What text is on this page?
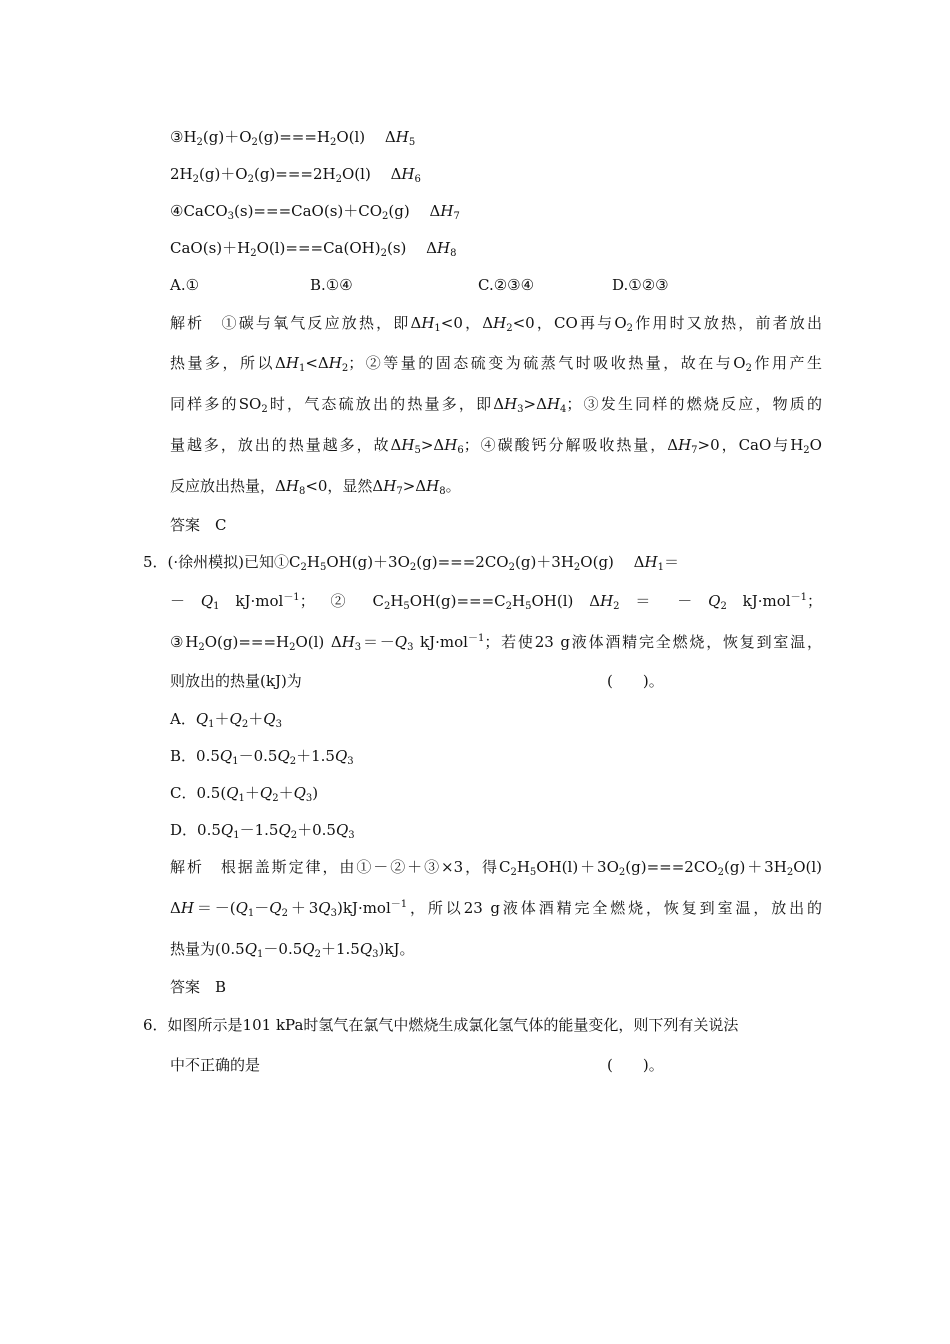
$③H_2(g)+O_2(g)===H_2O(l)$　 $\Delta H_5$
$2H_2(g)+O_2(g)===2H_2O(l)$　 $\Delta H_6$
$④CaCO_3(s)===CaO(s)+CO_2(g)$　 $\Delta H_7$
$CaO(s)+H_2O(l)===Ca(OH)_2(s)$　 $\Delta H_8$
A.①	B.①④	C.②③④	D.①②③
解析　①碳与氧气反应放热，即$\Delta H_1<0$，$\Delta H_2<0$，CO再与$O_2$作用时又放热，前者放出
热量多，所以$\Delta H_1<\Delta H_2$；②等量的固态硫变为硫蒸气时吸收热量，故在与$O_2$作用产生
同样多的$SO_2$时，气态硫放出的热量多，即$\Delta H_3>\Delta H_4$；③发生同样的燃烧反应，物质的
量越多，放出的热量越多，故$\Delta H_5>\Delta H_6$；④碳酸钙分解吸收热量，$\Delta H_7>0$，CaO与$H_2O$
反应放出热量，$\Delta H_8<0$，显然$\Delta H_7>\Delta H_8$。
答案　C
5．(·徐州模拟)已知$①C_2H_5OH(g)+3O_2(g)===2CO_2(g)+3H_2O(g)$　 $\Delta H_1=$
－ $Q_1$ kJ·mol$^{-1}$； ② $C_2H_5OH(g)===C_2H_5OH(l) \Delta H_2$ ＝ － $Q_2$ kJ·mol$^{-1}$；
$③H_2O(g)===H_2O(l)$ $\Delta H_3=-Q_3$ kJ·mol$^{-1}$；若使23 g液体酒精完全燃烧，恢复到室温，
则放出的热量(kJ)为	(　　)。
A．$Q_1+Q_2+Q_3$
B．$0.5Q_1-0.5Q_2+1.5Q_3$
C．$0.5(Q_1+Q_2+Q_3)$
D．$0.5Q_1-1.5Q_2+0.5Q_3$
解析　根据盖斯定律，由①－②＋③×3，得$C_2H_5OH(l)+3O_2(g)===2CO_2(g)+3H_2O(l)$
$\Delta H=-(Q_1-Q_2+3Q_3)kJ\cdot mol^{-1}$，所以23 g液体酒精完全燃烧，恢复到室温，放出的
热量为$(0.5Q_1-0.5Q_2+1.5Q_3)kJ$。
答案　B
6．如图所示是101 kPa时氢气在氯气中燃烧生成氯化氢气体的能量变化，则下列有关说法
中不正确的是	(　　)。
